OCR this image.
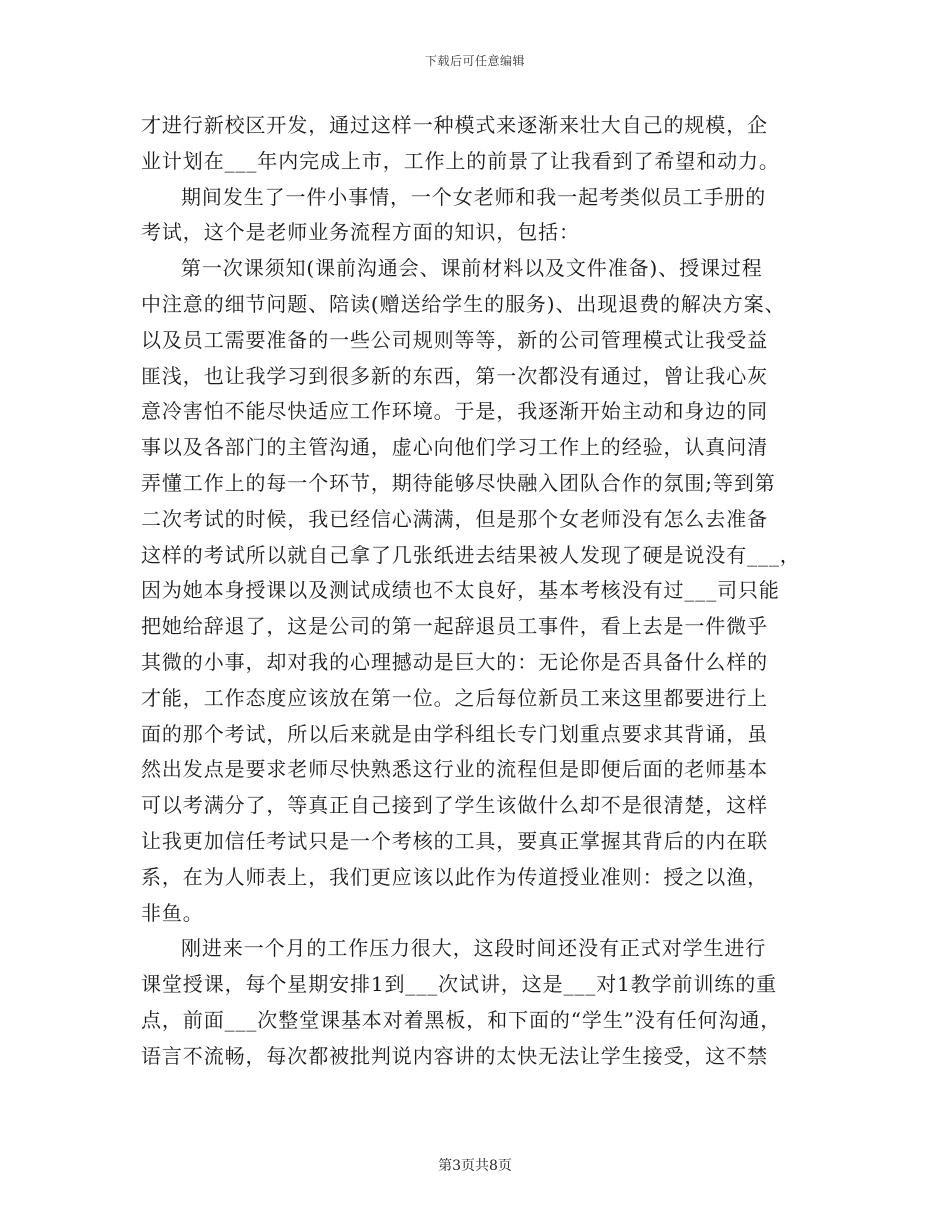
下载后可任意编辑
才进行新校区开发，通过这样一种模式来逐渐来壮大自己的规模，企
业计划在___年内完成上市，工作上的前景了让我看到了希望和动力。
期间发生了一件小事情，一个女老师和我一起考类似员工手册的
考试，这个是老师业务流程方面的知识，包括：
第一次课须知(课前沟通会、课前材料以及文件准备)、授课过程
中注意的细节问题、陪读(赠送给学生的服务)、出现退费的解决方案、
以及员工需要准备的一些公司规则等等，新的公司管理模式让我受益
匪浅，也让我学习到很多新的东西，第一次都没有通过，曾让我心灰
意冷害怕不能尽快适应工作环境。于是，我逐渐开始主动和身边的同
事以及各部门的主管沟通，虚心向他们学习工作上的经验，认真问清
弄懂工作上的每一个环节，期待能够尽快融入团队合作的氛围;等到第
二次考试的时候，我已经信心满满，但是那个女老师没有怎么去准备
这样的考试所以就自己拿了几张纸进去结果被人发现了硬是说没有___，
因为她本身授课以及测试成绩也不太良好，基本考核没有过___司只能
把她给辞退了，这是公司的第一起辞退员工事件，看上去是一件微乎
其微的小事，却对我的心理撼动是巨大的：无论你是否具备什么样的
才能，工作态度应该放在第一位。之后每位新员工来这里都要进行上
面的那个考试，所以后来就是由学科组长专门划重点要求其背诵，虽
然出发点是要求老师尽快熟悉这行业的流程但是即便后面的老师基本
可以考满分了，等真正自己接到了学生该做什么却不是很清楚，这样
让我更加信任考试只是一个考核的工具，要真正掌握其背后的内在联
系，在为人师表上，我们更应该以此作为传道授业准则：授之以渔，
非鱼。
刚进来一个月的工作压力很大，这段时间还没有正式对学生进行
课堂授课，每个星期安排1到___次试讲，这是___对1教学前训练的重
点，前面___次整堂课基本对着黑板，和下面的“学生”没有任何沟通，
语言不流畅，每次都被批判说内容讲的太快无法让学生接受，这不禁
第3页共8页
